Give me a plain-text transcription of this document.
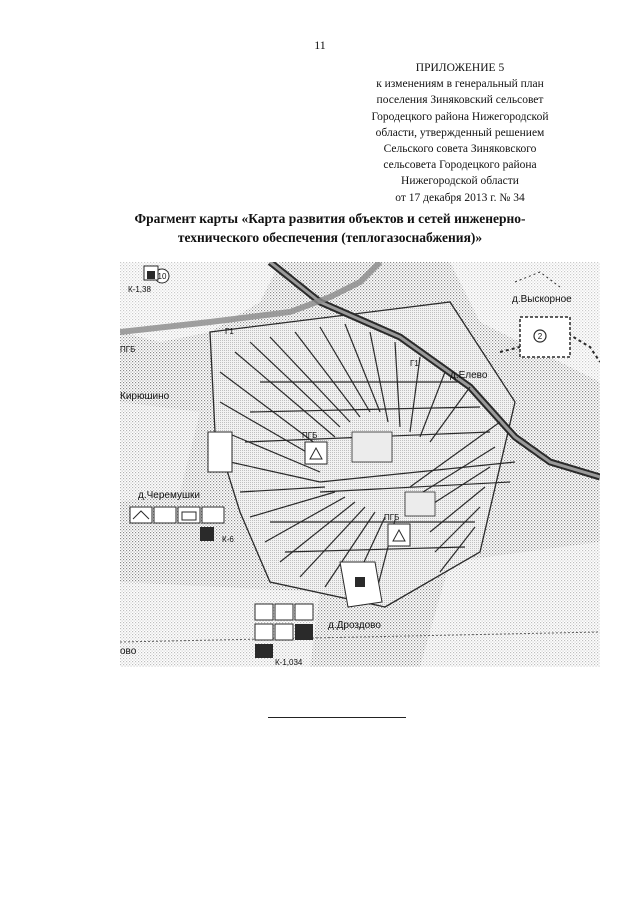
11
ПРИЛОЖЕНИЕ 5
к изменениям в генеральный план
поселения Зиняковский сельсовет
Городецкого района Нижегородской
области, утвержденный решением
Сельского совета Зиняковского
сельсовета Городецкого района
Нижегородской области
от 17 декабря 2013 г. № 34
Фрагмент карты «Карта развития объектов и сетей инженерно-
технического обеспечения (теплогазоснабжения)»
2
10
д.Выскорное
д.Елево
Кирюшино
д.Черемушки
д.Дроздово
ово
К-1,38
К-1,034
К-6
ПГБ
ПГБ
ПГБ
Г1
Г1
